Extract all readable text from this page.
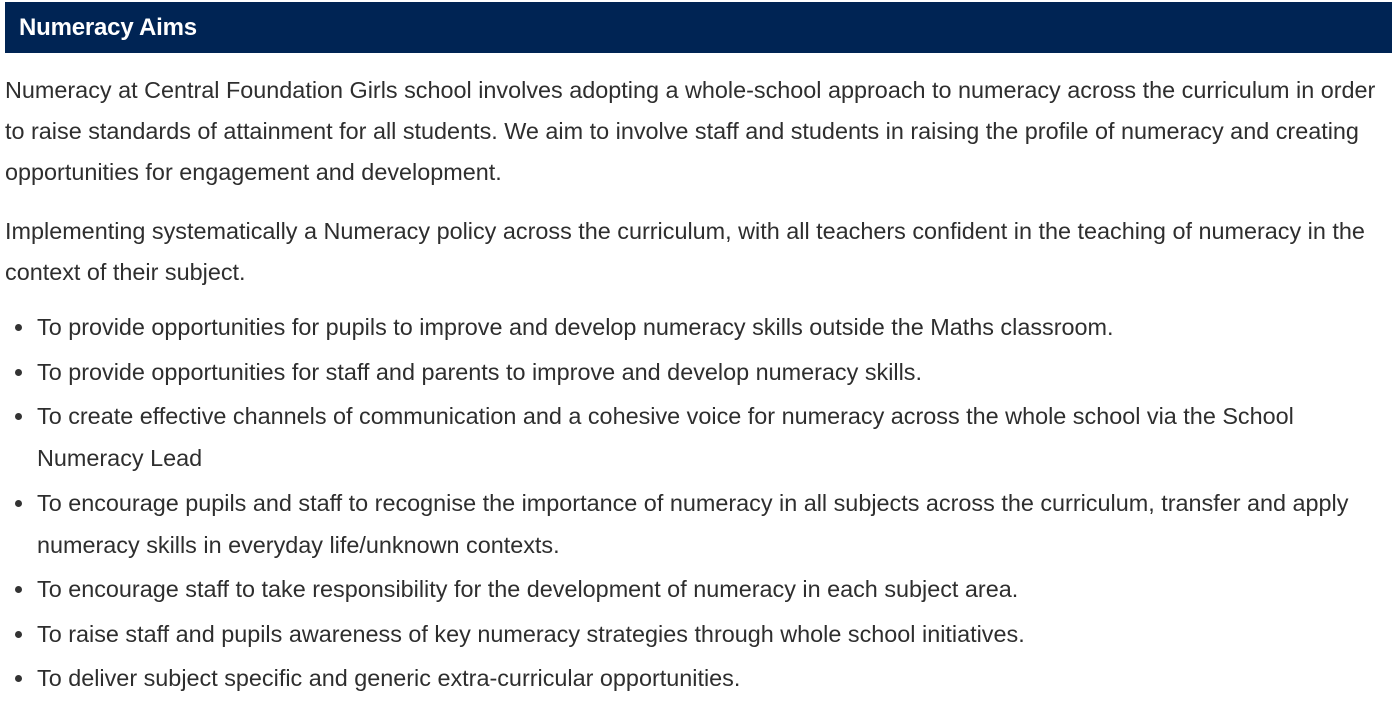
Numeracy Aims

Numeracy at Central Foundation Girls school involves adopting a whole-school approach to numeracy across the curriculum in order to raise standards of attainment for all students. We aim to involve staff and students in raising the profile of numeracy and creating opportunities for engagement and development.

Implementing systematically a Numeracy policy across the curriculum, with all teachers confident in the teaching of numeracy in the context of their subject.

To provide opportunities for pupils to improve and develop numeracy skills outside the Maths classroom.
To provide opportunities for staff and parents to improve and develop numeracy skills.
To create effective channels of communication and a cohesive voice for numeracy across the whole school via the School Numeracy Lead
To encourage pupils and staff to recognise the importance of numeracy in all subjects across the curriculum, transfer and apply numeracy skills in everyday life/unknown contexts.
To encourage staff to take responsibility for the development of numeracy in each subject area.
To raise staff and pupils awareness of key numeracy strategies through whole school initiatives.
To deliver subject specific and generic extra-curricular opportunities.
